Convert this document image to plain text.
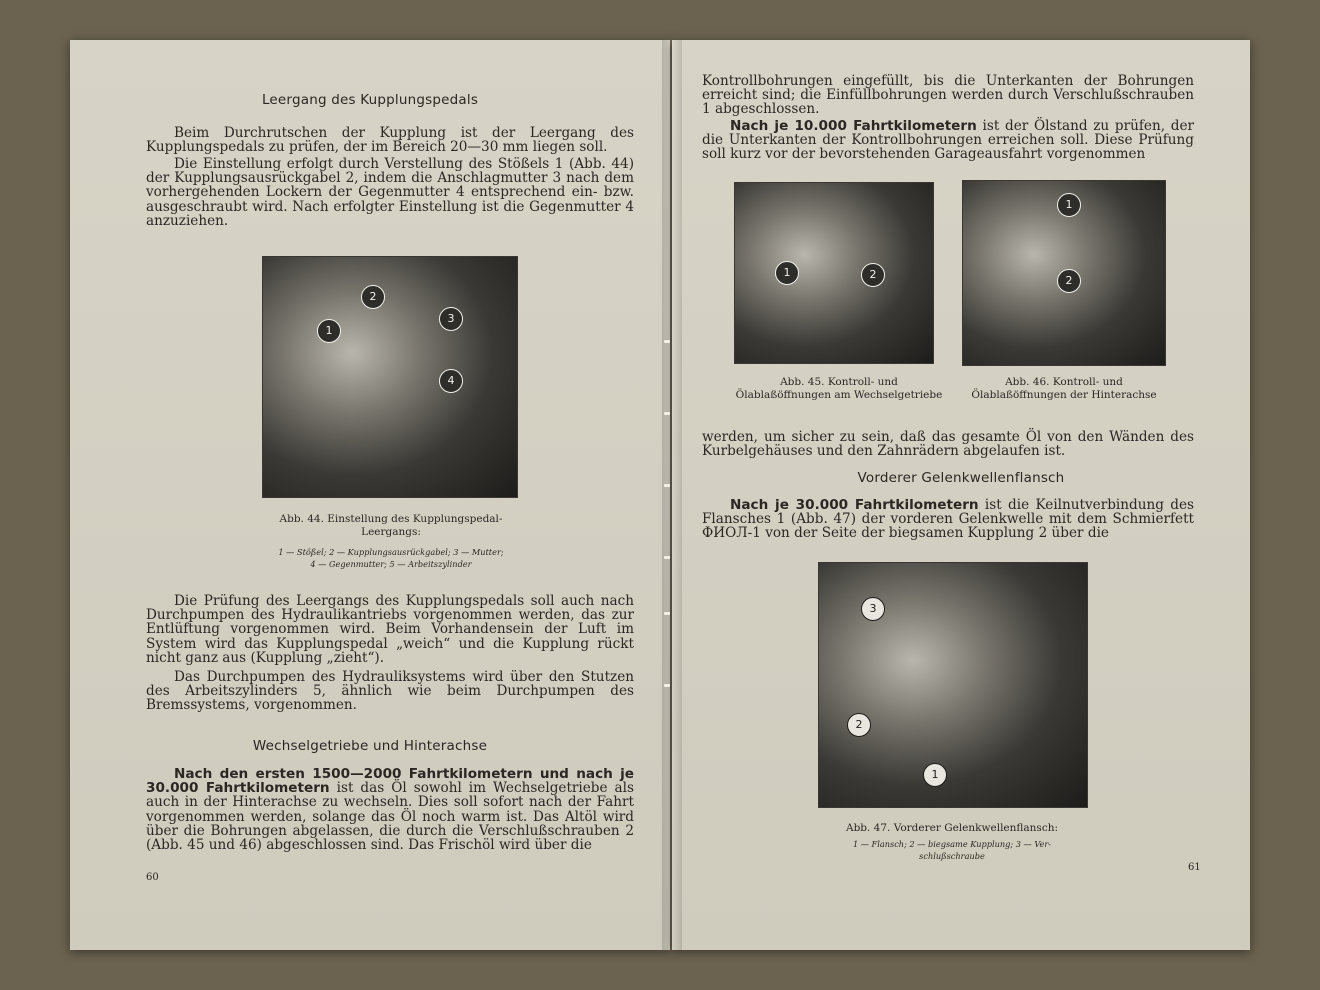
Leergang des Kupplungspedals

Beim Durchrutschen der Kupplung ist der Leergang des Kupplungspedals zu prüfen, der im Bereich 20—30 mm liegen soll.

Die Einstellung erfolgt durch Verstellung des Stößels 1 (Abb. 44) der Kupplungsausrückgabel 2, indem die Anschlagmutter 3 nach dem vorhergehenden Lockern der Gegenmutter 4 entsprechend ein- bzw. ausgeschraubt wird. Nach erfolgter Einstellung ist die Gegenmutter 4 anzuziehen.

1
2
3
4
Abb. 44. Einstellung des Kupplungspedal-Leergangs:
1 — Stößel; 2 — Kupplungsausrückgabel; 3 — Mutter;
4 — Gegenmutter; 5 — Arbeitszylinder

Die Prüfung des Leergangs des Kupplungspedals soll auch nach Durchpumpen des Hydraulikantriebs vorgenommen werden, das zur Entlüftung vorgenommen wird. Beim Vorhandensein der Luft im System wird das Kupplungspedal „weich“ und die Kupplung rückt nicht ganz aus (Kupplung „zieht“).

Das Durchpumpen des Hydrauliksystems wird über den Stutzen des Arbeitszylinders 5, ähnlich wie beim Durchpumpen des Bremssystems, vorgenommen.

Wechselgetriebe und Hinterachse

Nach den ersten 1500—2000 Fahrtkilometern und nach je 30.000 Fahrtkilometern ist das Öl sowohl im Wechselgetriebe als auch in der Hinterachse zu wechseln. Dies soll sofort nach der Fahrt vorgenommen werden, solange das Öl noch warm ist. Das Altöl wird über die Bohrungen abgelassen, die durch die Verschlußschrauben 2 (Abb. 45 und 46) abgeschlossen sind. Das Frischöl wird über die

60

Kontrollbohrungen eingefüllt, bis die Unterkanten der Bohrungen erreicht sind; die Einfüllbohrungen werden durch Verschlußschrauben 1 abgeschlossen.

Nach je 10.000 Fahrtkilometern ist der Ölstand zu prüfen, der die Unterkanten der Kontrollbohrungen erreichen soll. Diese Prüfung soll kurz vor der bevorstehenden Garageausfahrt vorgenommen

1	2
1
2
Abb. 45. Kontroll- und Ölablaßöffnungen am Wechselgetriebe
Abb. 46. Kontroll- und Ölablaßöffnungen der Hinterachse

werden, um sicher zu sein, daß das gesamte Öl von den Wänden des Kurbelgehäuses und den Zahnrädern abgelaufen ist.

Vorderer Gelenkwellenflansch

Nach je 30.000 Fahrtkilometern ist die Keilnutverbindung des Flansches 1 (Abb. 47) der vorderen Gelenkwelle mit dem Schmierfett ФИОЛ-1 von der Seite der biegsamen Kupplung 2 über die

3
2
1
Abb. 47. Vorderer Gelenkwellenflansch:
1 — Flansch; 2 — biegsame Kupplung; 3 — Ver-
schlußschraube
61
